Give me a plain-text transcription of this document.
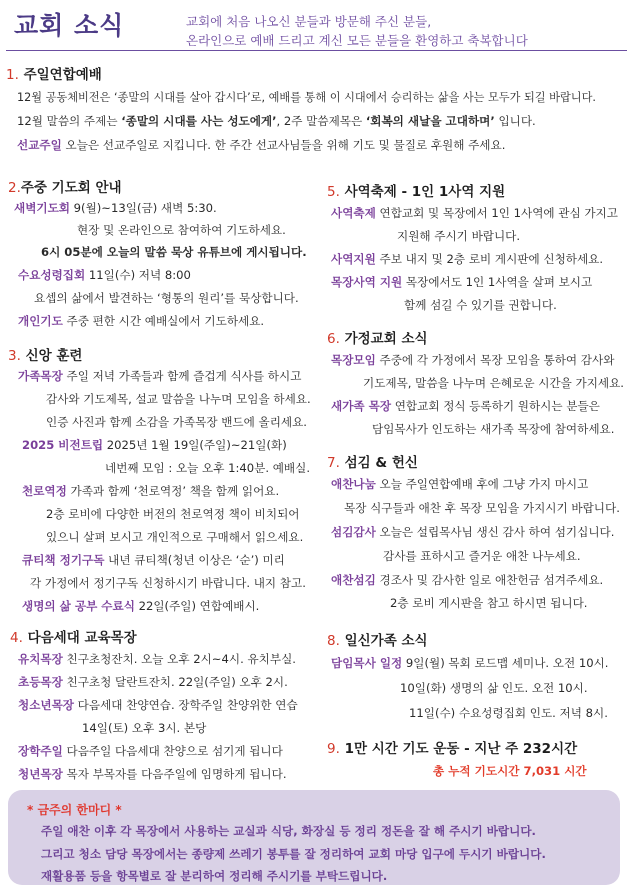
교회 소식	교회에 처음 나오신 분들과 방문해 주신 분들,
온라인으로 예배 드리고 계신 모든 분들을 환영하고 축복합니다
1. 주일연합예배
12월 공동체비전은 ‘종말의 시대를 살아 갑시다’로, 예배를 통해 이 시대에서 승리하는 삶을 사는 모두가 되길 바랍니다.
12월 말씀의 주제는 ‘종말의 시대를 사는 성도에게’, 2주 말씀제목은 ‘회복의 새날을 고대하며’ 입니다.
선교주일 오늘은 선교주일로 지킵니다. 한 주간 선교사님들을 위해 기도 및 물질로 후원해 주세요.
2.주중 기도회 안내
새벽기도회 9(월)~13일(금) 새벽 5:30.
현장 및 온라인으로 참여하여 기도하세요.
6시 05분에 오늘의 말씀 묵상 유튜브에 게시됩니다.
수요성령집회 11일(수) 저녁 8:00
요셉의 삶에서 발견하는 ‘형통의 원리’를 묵상합니다.
개인기도 주중 편한 시간 예배실에서 기도하세요.
3. 신앙 훈련
가족목장 주일 저녁 가족들과 함께 즐겁게 식사를 하시고
감사와 기도제목, 설교 말씀을 나누며 모임을 하세요.
인증 사진과 함께 소감을 가족목장 밴드에 올리세요.
2025 비전트립 2025년 1월 19일(주일)~21일(화)
네번째 모임 : 오늘 오후 1:40분. 예배실.
천로역정 가족과 함께 ‘천로역정’ 책을 함께 읽어요.
2층 로비에 다양한 버전의 천로역정 책이 비치되어
있으니 살펴 보시고 개인적으로 구매해서 읽으세요.
큐티책 정기구독 내년 큐티책(청년 이상은 ‘순’) 미리
각 가정에서 정기구독 신청하시기 바랍니다. 내지 참고.
생명의 삶 공부 수료식 22일(주일) 연합예배시.
4. 다음세대 교육목장
유치목장 친구초청잔치. 오늘 오후 2시~4시. 유치부실.
초등목장 친구초청 달란트잔치. 22일(주일) 오후 2시.
청소년목장 다음세대 찬양연습. 장학주일 찬양위한 연습
14일(토) 오후 3시. 본당
장학주일 다음주일 다음세대 찬양으로 섬기게 됩니다
청년목장 목자 부목자를 다음주일에 임명하게 됩니다.
5. 사역축제 - 1인 1사역 지원
사역축제 연합교회 및 목장에서 1인 1사역에 관심 가지고
지원해 주시기 바랍니다.
사역지원 주보 내지 및 2층 로비 게시판에 신청하세요.
목장사역 지원 목장에서도 1인 1사역을 살펴 보시고
함께 섬길 수 있기를 권합니다.
6. 가정교회 소식
목장모임 주중에 각 가정에서 목장 모임을 통하여 감사와
기도제목, 말씀을 나누며 은혜로운 시간을 가지세요.
새가족 목장 연합교회 정식 등록하기 원하시는 분들은
담임목사가 인도하는 새가족 목장에 참여하세요.
7. 섬김 & 헌신
애찬나눔 오늘 주일연합예배 후에 그냥 가지 마시고
목장 식구들과 애찬 후 목장 모임을 가지시기 바랍니다.
섬김감사 오늘은 설립목사님 생신 감사 하여 섬기십니다.
감사를 표하시고 즐거운 애찬 나누세요.
애찬섬김 경조사 및 감사한 일로 애찬헌금 섬겨주세요.
2층 로비 게시판을 참고 하시면 됩니다.
8. 일신가족 소식
담임목사 일정 9일(월) 목회 로드맵 세미나. 오전 10시.
10일(화) 생명의 삶 인도. 오전 10시.
11일(수) 수요성령집회 인도. 저녁 8시.
9. 1만 시간 기도 운동 - 지난 주 232시간
총 누적 기도시간 7,031 시간
* 금주의 한마디 *
주일 애찬 이후 각 목장에서 사용하는 교실과 식당, 화장실 등 정리 정돈을 잘 해 주시기 바랍니다.
그리고 청소 담당 목장에서는 종량제 쓰레기 봉투를 잘 정리하여 교회 마당 입구에 두시기 바랍니다.
재활용품 등을 항목별로 잘 분리하여 정리해 주시기를 부탁드립니다.
